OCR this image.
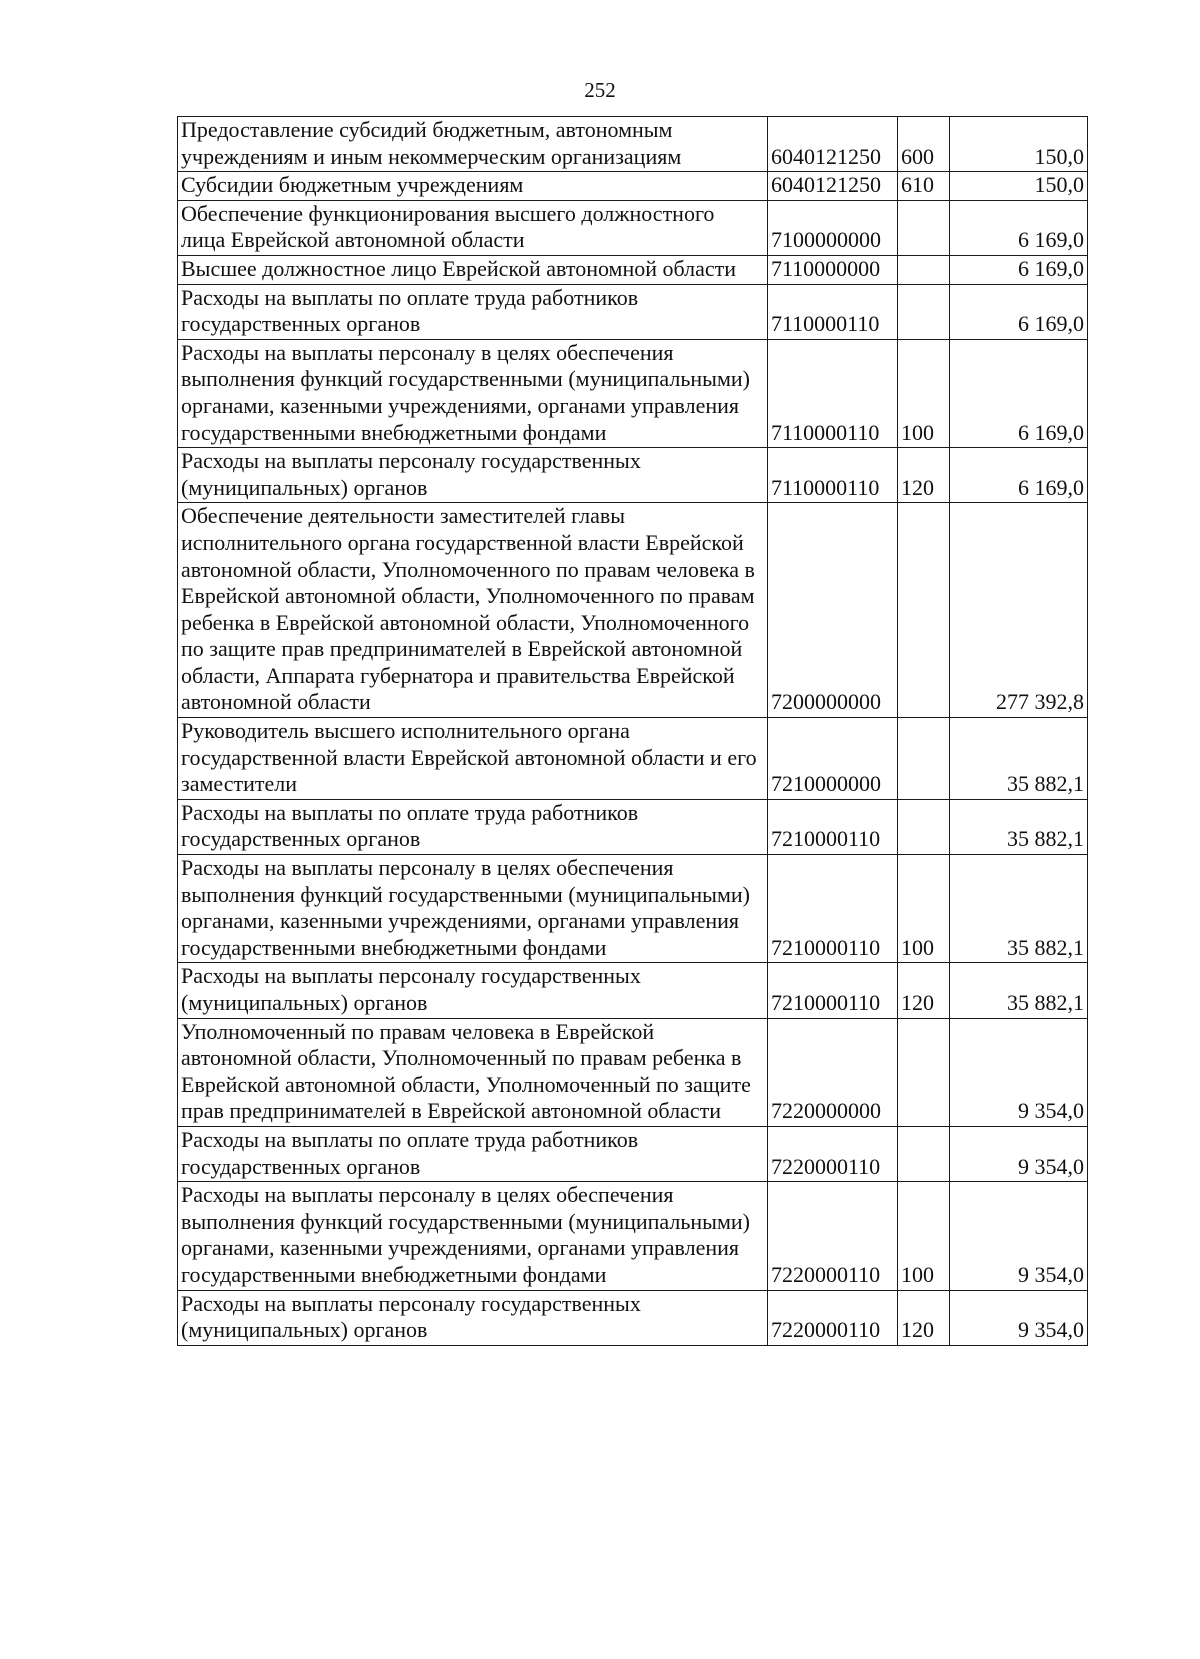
252
Предоставление субсидий бюджетным, автономным учреждениям и иным некоммерческим организациям	6040121250	600	150,0
Субсидии бюджетным учреждениям	6040121250	610	150,0
Обеспечение функционирования высшего должностного лица Еврейской автономной области	7100000000		6 169,0
Высшее должностное лицо Еврейской автономной области	7110000000		6 169,0
Расходы на выплаты по оплате труда работников государственных органов	7110000110		6 169,0
Расходы на выплаты персоналу в целях обеспечения выполнения функций государственными (муниципальными) органами, казенными учреждениями, органами управления государственными внебюджетными фондами	7110000110	100	6 169,0
Расходы на выплаты персоналу государственных (муниципальных) органов	7110000110	120	6 169,0
Обеспечение деятельности заместителей главы исполнительного органа государственной власти Еврейской автономной области, Уполномоченного по правам человека в Еврейской автономной области, Уполномоченного по правам ребенка в Еврейской автономной области, Уполномоченного по защите прав предпринимателей в Еврейской автономной области, Аппарата губернатора и правительства Еврейской автономной области	7200000000		277 392,8
Руководитель высшего исполнительного органа государственной власти Еврейской автономной области и его заместители	7210000000		35 882,1
Расходы на выплаты по оплате труда работников государственных органов	7210000110		35 882,1
Расходы на выплаты персоналу в целях обеспечения выполнения функций государственными (муниципальными) органами, казенными учреждениями, органами управления государственными внебюджетными фондами	7210000110	100	35 882,1
Расходы на выплаты персоналу государственных (муниципальных) органов	7210000110	120	35 882,1
Уполномоченный по правам человека в Еврейской автономной области, Уполномоченный по правам ребенка в Еврейской автономной области, Уполномоченный по защите прав предпринимателей в Еврейской автономной области	7220000000		9 354,0
Расходы на выплаты по оплате труда работников государственных органов	7220000110		9 354,0
Расходы на выплаты персоналу в целях обеспечения выполнения функций государственными (муниципальными) органами, казенными учреждениями, органами управления государственными внебюджетными фондами	7220000110	100	9 354,0
Расходы на выплаты персоналу государственных (муниципальных) органов	7220000110	120	9 354,0
